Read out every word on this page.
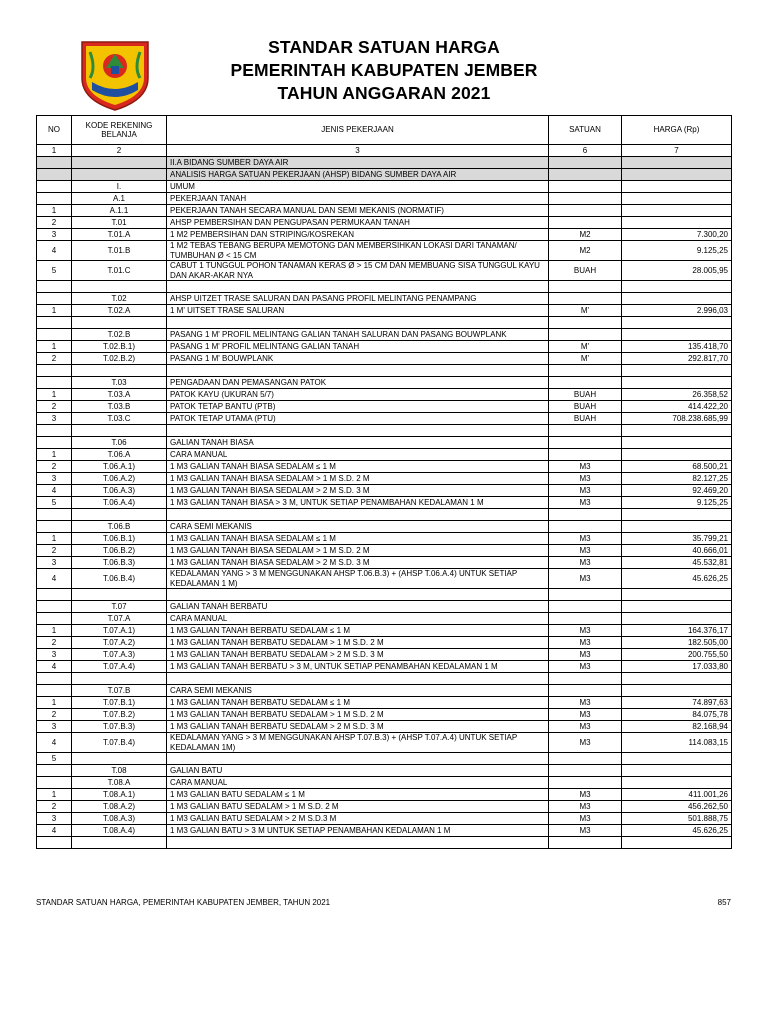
STANDAR SATUAN HARGA
PEMERINTAH KABUPATEN JEMBER
TAHUN ANGGARAN 2021
NO	KODE REKENING BELANJA	JENIS PEKERJAAN	SATUAN	HARGA (Rp)
1	2	3	6	7
		II.A BIDANG SUMBER DAYA AIR		
		ANALISIS HARGA SATUAN PEKERJAAN (AHSP) BIDANG SUMBER DAYA AIR		
	I.	UMUM		
	A.1	PEKERJAAN TANAH		
1	A.1.1	PEKERJAAN TANAH SECARA MANUAL DAN SEMI MEKANIS (NORMATIF)		
2	T.01	AHSP PEMBERSIHAN DAN PENGUPASAN PERMUKAAN TANAH		
3	T.01.A	1 M2 PEMBERSIHAN DAN STRIPING/KOSREKAN	M2	7.300,20
4	T.01.B	1 M2 TEBAS TEBANG BERUPA MEMOTONG DAN MEMBERSIHKAN LOKASI DARI TANAMAN/ TUMBUHAN Ø < 15 CM	M2	9.125,25
5	T.01.C	CABUT 1 TUNGGUL POHON TANAMAN KERAS Ø > 15 CM DAN MEMBUANG SISA TUNGGUL KAYU DAN AKAR-AKAR NYA	BUAH	28.005,95

	T.02	AHSP UITZET TRASE SALURAN DAN PASANG PROFIL MELINTANG PENAMPANG		
1	T.02.A	1 M' UITSET TRASE SALURAN	M'	2.996,03

	T.02.B	PASANG 1 M' PROFIL MELINTANG GALIAN TANAH SALURAN DAN PASANG BOUWPLANK		
1	T.02.B.1)	PASANG 1 M' PROFIL MELINTANG GALIAN TANAH	M'	135.418,70
2	T.02.B.2)	PASANG 1 M' BOUWPLANK	M'	292.817,70

	T.03	PENGADAAN DAN PEMASANGAN PATOK		
1	T.03.A	PATOK KAYU (UKURAN 5/7)	BUAH	26.358,52
2	T.03.B	PATOK TETAP BANTU (PTB)	BUAH	414.422,20
3	T.03.C	PATOK TETAP UTAMA (PTU)	BUAH	708.238.685,99

	T.06	GALIAN TANAH BIASA		
1	T.06.A	CARA MANUAL		
2	T.06.A.1)	1 M3 GALIAN TANAH BIASA SEDALAM ≤ 1 M	M3	68.500,21
3	T.06.A.2)	1 M3 GALIAN TANAH BIASA SEDALAM > 1 M S.D. 2 M	M3	82.127,25
4	T.06.A.3)	1 M3 GALIAN TANAH BIASA SEDALAM > 2 M S.D. 3 M	M3	92.469,20
5	T.06.A.4)	1 M3 GALIAN TANAH BIASA > 3 M, UNTUK SETIAP PENAMBAHAN KEDALAMAN 1 M	M3	9.125,25

	T.06.B	CARA SEMI MEKANIS		
1	T.06.B.1)	1 M3 GALIAN TANAH BIASA SEDALAM ≤ 1 M	M3	35.799,21
2	T.06.B.2)	1 M3 GALIAN TANAH BIASA SEDALAM > 1 M S.D. 2 M	M3	40.666,01
3	T.06.B.3)	1 M3 GALIAN TANAH BIASA SEDALAM > 2 M S.D. 3 M	M3	45.532,81
4	T.06.B.4)	KEDALAMAN YANG > 3 M MENGGUNAKAN AHSP T.06.B.3) + (AHSP T.06.A.4) UNTUK SETIAP KEDALAMAN 1 M)	M3	45.626,25

	T.07	GALIAN TANAH BERBATU		
	T.07.A	CARA MANUAL		
1	T.07.A.1)	1 M3 GALIAN TANAH BERBATU SEDALAM ≤ 1 M	M3	164.376,17
2	T.07.A.2)	1 M3 GALIAN TANAH BERBATU SEDALAM > 1 M S.D. 2 M	M3	182.505,00
3	T.07.A.3)	1 M3 GALIAN TANAH BERBATU SEDALAM > 2 M S.D. 3 M	M3	200.755,50
4	T.07.A.4)	1 M3 GALIAN TANAH BERBATU > 3 M, UNTUK SETIAP PENAMBAHAN KEDALAMAN 1 M	M3	17.033,80

	T.07.B	CARA SEMI MEKANIS		
1	T.07.B.1)	1 M3 GALIAN TANAH BERBATU SEDALAM ≤ 1 M	M3	74.897,63
2	T.07.B.2)	1 M3 GALIAN TANAH BERBATU SEDALAM > 1 M S.D. 2 M	M3	84.075,78
3	T.07.B.3)	1 M3 GALIAN TANAH BERBATU SEDALAM > 2 M S.D. 3 M	M3	82.168,94
4	T.07.B.4)	KEDALAMAN YANG > 3 M MENGGUNAKAN AHSP T.07.B.3) + (AHSP T.07.A.4) UNTUK SETIAP KEDALAMAN 1M)	M3	114.083,15
5				
	T.08	GALIAN BATU		
	T.08.A	CARA MANUAL		
1	T.08.A.1)	1 M3 GALIAN BATU SEDALAM ≤ 1 M	M3	411.001,26
2	T.08.A.2)	1 M3 GALIAN BATU SEDALAM > 1 M S.D. 2 M	M3	456.262,50
3	T.08.A.3)	1 M3 GALIAN BATU SEDALAM > 2 M S.D.3 M	M3	501.888,75
4	T.08.A.4)	1 M3 GALIAN BATU > 3 M UNTUK SETIAP PENAMBAHAN KEDALAMAN 1 M	M3	45.626,25

STANDAR SATUAN HARGA, PEMERINTAH KABUPATEN JEMBER, TAHUN 2021	857
